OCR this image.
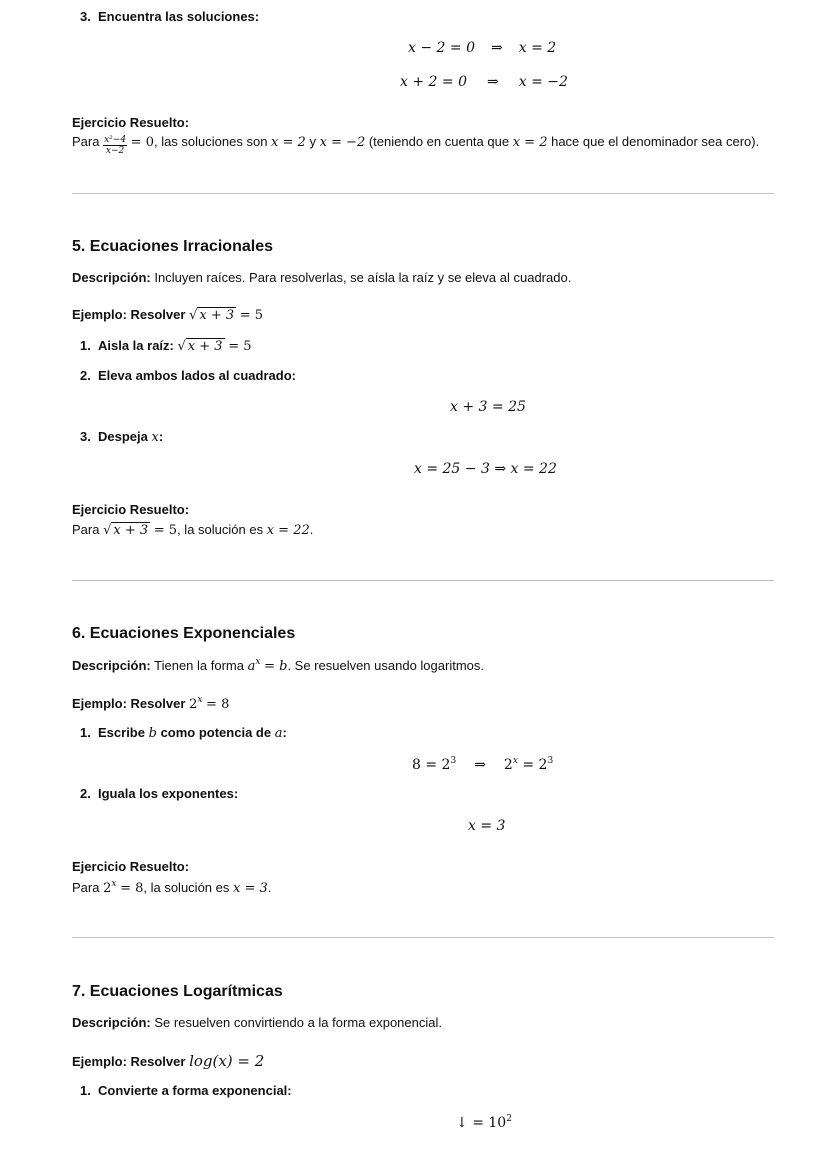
3. Encuentra las soluciones:
x − 2 = 0 ⇒ x = 2
x + 2 = 0 ⇒ x = −2
Ejercicio Resuelto:
Para $\frac{\text{x²−4}}{x-2} = 0$, las soluciones son x = 2 y x = −2 (teniendo en cuenta que x = 2 hace que el denominador sea cero).
5. Ecuaciones Irracionales
Descripción: Incluyen raíces. Para resolverlas, se aísla la raíz y se eleva al cuadrado.
Ejemplo: Resolver √ x + 3 = 5
1. Aisla la raíz: √ x + 3 = 5
2. Eleva ambos lados al cuadrado:
x + 3 = 25
3. Despeja x:
x = 25 − 3 ⇒ x = 22
Ejercicio Resuelto:
Para √ x + 3 = 5, la solución es x = 22.
6. Ecuaciones Exponenciales
Descripción: Tienen la forma $a^x = b$. Se resuelven usando logaritmos.
Ejemplo: Resolver $2^x = 8$
1. Escribe b como potencia de a:
$8 = 2^3$ ⇒ $2^x = 2^3$
2. Iguala los exponentes:
x = 3
Ejercicio Resuelto:
Para $2^x = 8$, la solución es x = 3.
7. Ecuaciones Logarítmicas
Descripción: Se resuelven convirtiendo a la forma exponencial.
Ejemplo: Resolver log(x) = 2
1. Convierte a forma exponencial:
↓ = $10^2$
